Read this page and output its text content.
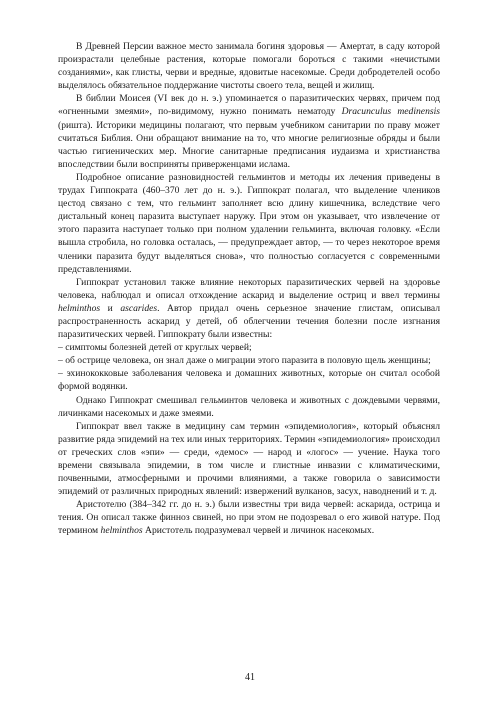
В Древней Персии важное место занимала богиня здоровья — Амертат, в саду которой произрастали целебные растения, которые помогали бороться с такими «нечистыми созданиями», как глисты, черви и вредные, ядовитые насекомые. Среди добродетелей особо выделялось обязательное поддержание чистоты своего тела, вещей и жилищ.

В библии Моисея (VI век до н. э.) упоминается о паразитических червях, причем под «огненными змеями», по-видимому, нужно понимать нематоду Dracunculus medinensis (ришта). Историки медицины полагают, что первым учебником санитарии по праву может считаться Библия. Они обращают внимание на то, что многие религиозные обряды и были частью гигиенических мер. Многие санитарные предписания иудаизма и христианства впоследствии были восприняты приверженцами ислама.

Подробное описание разновидностей гельминтов и методы их лечения приведены в трудах Гиппократа (460–370 лет до н. э.). Гиппократ полагал, что выделение члеников цестод связано с тем, что гельминт заполняет всю длину кишечника, вследствие чего дистальный конец паразита выступает наружу. При этом он указывает, что извлечение от этого паразита наступает только при полном удалении гельминта, включая головку. «Если вышла стробила, но головка осталась, — предупреждает автор, — то через некоторое время членики паразита будут выделяться снова», что полностью согласуется с современными представлениями.

Гиппократ установил также влияние некоторых паразитических червей на здоровье человека, наблюдал и описал отхождение аскарид и выделение остриц и ввел термины helminthos и ascarides. Автор придал очень серьезное значение глистам, описывал распространенность аскарид у детей, об облегчении течения болезни после изгнания паразитических червей. Гиппократу были известны:

– симптомы болезней детей от круглых червей;

– об острице человека, он знал даже о миграции этого паразита в половую щель женщины;

– эхинококковые заболевания человека и домашних животных, которые он считал особой формой водянки.

Однако Гиппократ смешивал гельминтов человека и животных с дождевыми червями, личинками насекомых и даже змеями.

Гиппократ ввел также в медицину сам термин «эпидемиология», который объяснял развитие ряда эпидемий на тех или иных территориях. Термин «эпидемиология» происходил от греческих слов «эпи» — среди, «демос» — народ и «логос» — учение. Наука того времени связывала эпидемии, в том числе и глистные инвазии с климатическими, почвенными, атмосферными и прочими влияниями, а также говорила о зависимости эпидемий от различных природных явлений: извержений вулканов, засух, наводнений и т. д.

Аристотелю (384–342 гг. до н. э.) были известны три вида червей: аскарида, острица и тения. Он описал также финноз свиней, но при этом не подозревал о его живой натуре. Под термином helminthos Аристотель подразумевал червей и личинок насекомых.

41
